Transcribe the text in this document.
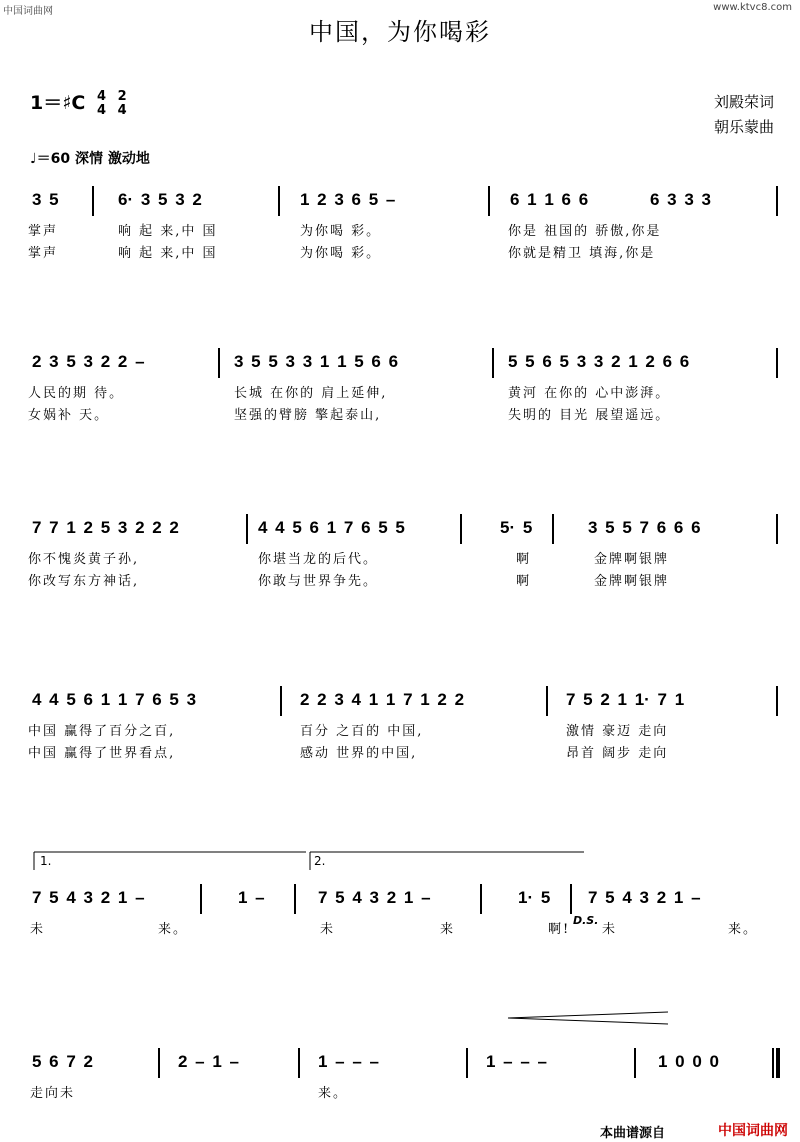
中国词曲网	www.ktvc8.com
中国，为你喝彩
1＝♯C 4
4 2
4	刘殿荣词
朝乐蒙曲
♩＝60 深情 激动地
3 5	6· 3 5 3 2	1 2 3 6 5 –	6 1 1 6 6	6 3 3 3
掌声	响 起 来,中 国	为你喝 彩。	你是 祖国的 骄傲,你是
掌声	响 起 来,中 国	为你喝 彩。	你就是精卫 填海,你是
2 3 5 3 2 2 –	3 5 5 3 3 1 1 5 6 6	5 5 6 5 3 3 2 1 2 6 6
人民的期 待。	长城 在你的 肩上延伸,	黄河 在你的 心中澎湃。
女娲补 天。	坚强的臂膀 擎起泰山,	失明的 目光 展望遥远。
7 7 1 2 5 3 2 2 2	4 4 5 6 1 7 6 5 5	5· 5	3 5 5 7 6 6 6
你不愧炎黄子孙,	你堪当龙的后代。	啊	金牌啊银牌
你改写东方神话,	你敢与世界争先。	啊	金牌啊银牌
4 4 5 6 1 1 7 6 5 3	2 2 3 4 1 1 7 1 2 2	7 5 2 1 1· 7 1
中国 赢得了百分之百,	百分 之百的 中国,	激情 豪迈 走向
中国 赢得了世界看点,	感动 世界的中国,	昂首 阔步 走向
1.	2.
7 5 4 3 2 1 –	1 –	7 5 4 3 2 1 –	1· 5 7 5 4 3 2 1 –
D.S.
未	来。	未	来	啊! 未	来。
5 6 7 2	2 – 1 –	1 – – –	1 – – –	1 0 0 0
走向未	来。
本曲谱源自	中国词曲网
